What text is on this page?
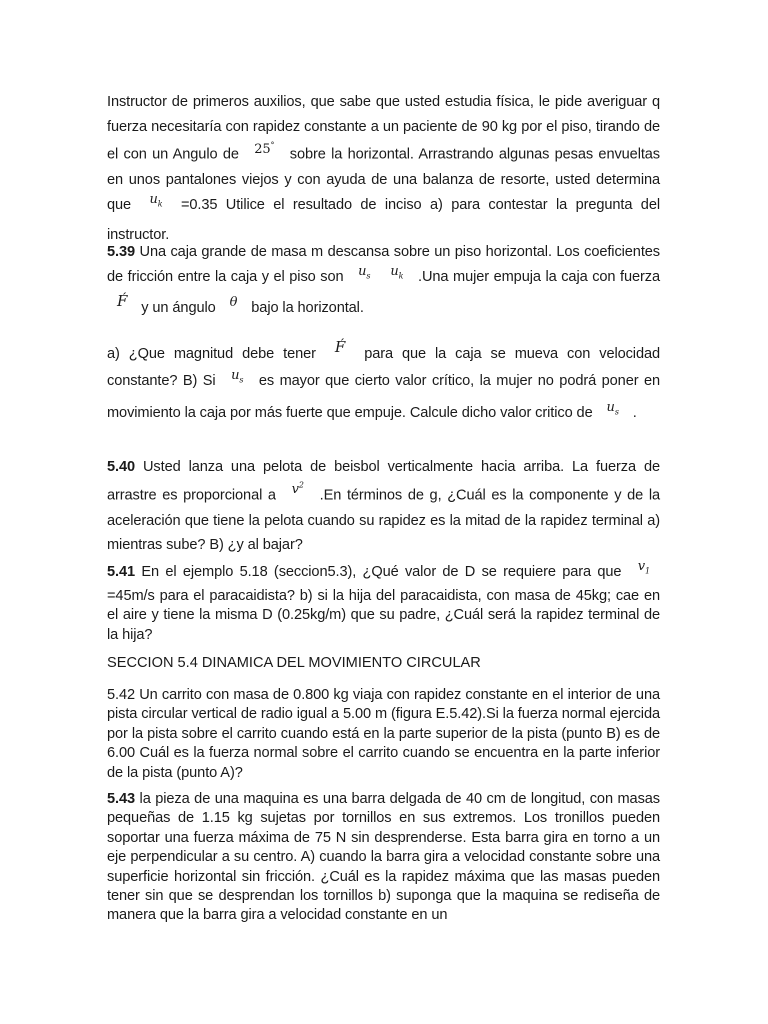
Instructor de primeros auxilios, que sabe que usted estudia física, le pide averiguar q fuerza necesitaría con rapidez constante a un paciente de 90 kg por el piso, tirando de el con un Angulo de 25° sobre la horizontal. Arrastrando algunas pesas envueltas en unos pantalones viejos y con ayuda de una balanza de resorte, usted determina que $u_k =0.35$ Utilice el resultado de inciso a) para contestar la pregunta del instructor.
5.39 Una caja grande de masa m descansa sobre un piso horizontal. Los coeficientes de fricción entre la caja y el piso son $u_s$ $u_k$ .Una mujer empuja la caja con fuerza F́ y un ángulo θ bajo la horizontal.
a) ¿Que magnitud debe tener F́ para que la caja se mueva con velocidad constante? B) Si $u_s$ es mayor que cierto valor crítico, la mujer no podrá poner en movimiento la caja por más fuerte que empuje. Calcule dicho valor critico de $u_s$ .
5.40 Usted lanza una pelota de beisbol verticalmente hacia arriba. La fuerza de arrastre es proporcional a $v^2$ .En términos de g, ¿Cuál es la componente y de la aceleración que tiene la pelota cuando su rapidez es la mitad de la rapidez terminal a) mientras sube? B) ¿y al bajar?
5.41 En el ejemplo 5.18 (seccion5.3), ¿Qué valor de D se requiere para que $v_1 =45m/s$ para el paracaidista? b) si la hija del paracaidista, con masa de 45kg; cae en el aire y tiene la misma D (0.25kg/m) que su padre, ¿Cuál será la rapidez terminal de la hija?
SECCION 5.4 DINAMICA DEL MOVIMIENTO CIRCULAR
5.42 Un carrito con masa de 0.800 kg viaja con rapidez constante en el interior de una pista circular vertical de radio igual a 5.00 m (figura E.5.42).Si la fuerza normal ejercida por la pista sobre el carrito cuando está en la parte superior de la pista (punto B) es de 6.00 Cuál es la fuerza normal sobre el carrito cuando se encuentra en la parte inferior de la pista (punto A)?
5.43 la pieza de una maquina es una barra delgada de 40 cm de longitud, con masas pequeñas de 1.15 kg sujetas por tornillos en sus extremos. Los tronillos pueden soportar una fuerza máxima de 75 N sin desprenderse. Esta barra gira en torno a un eje perpendicular a su centro. A) cuando la barra gira a velocidad constante sobre una superficie horizontal sin fricción. ¿Cuál es la rapidez máxima que las masas pueden tener sin que se desprendan los tornillos b) suponga que la maquina se rediseña de manera que la barra gira a velocidad constante en un
